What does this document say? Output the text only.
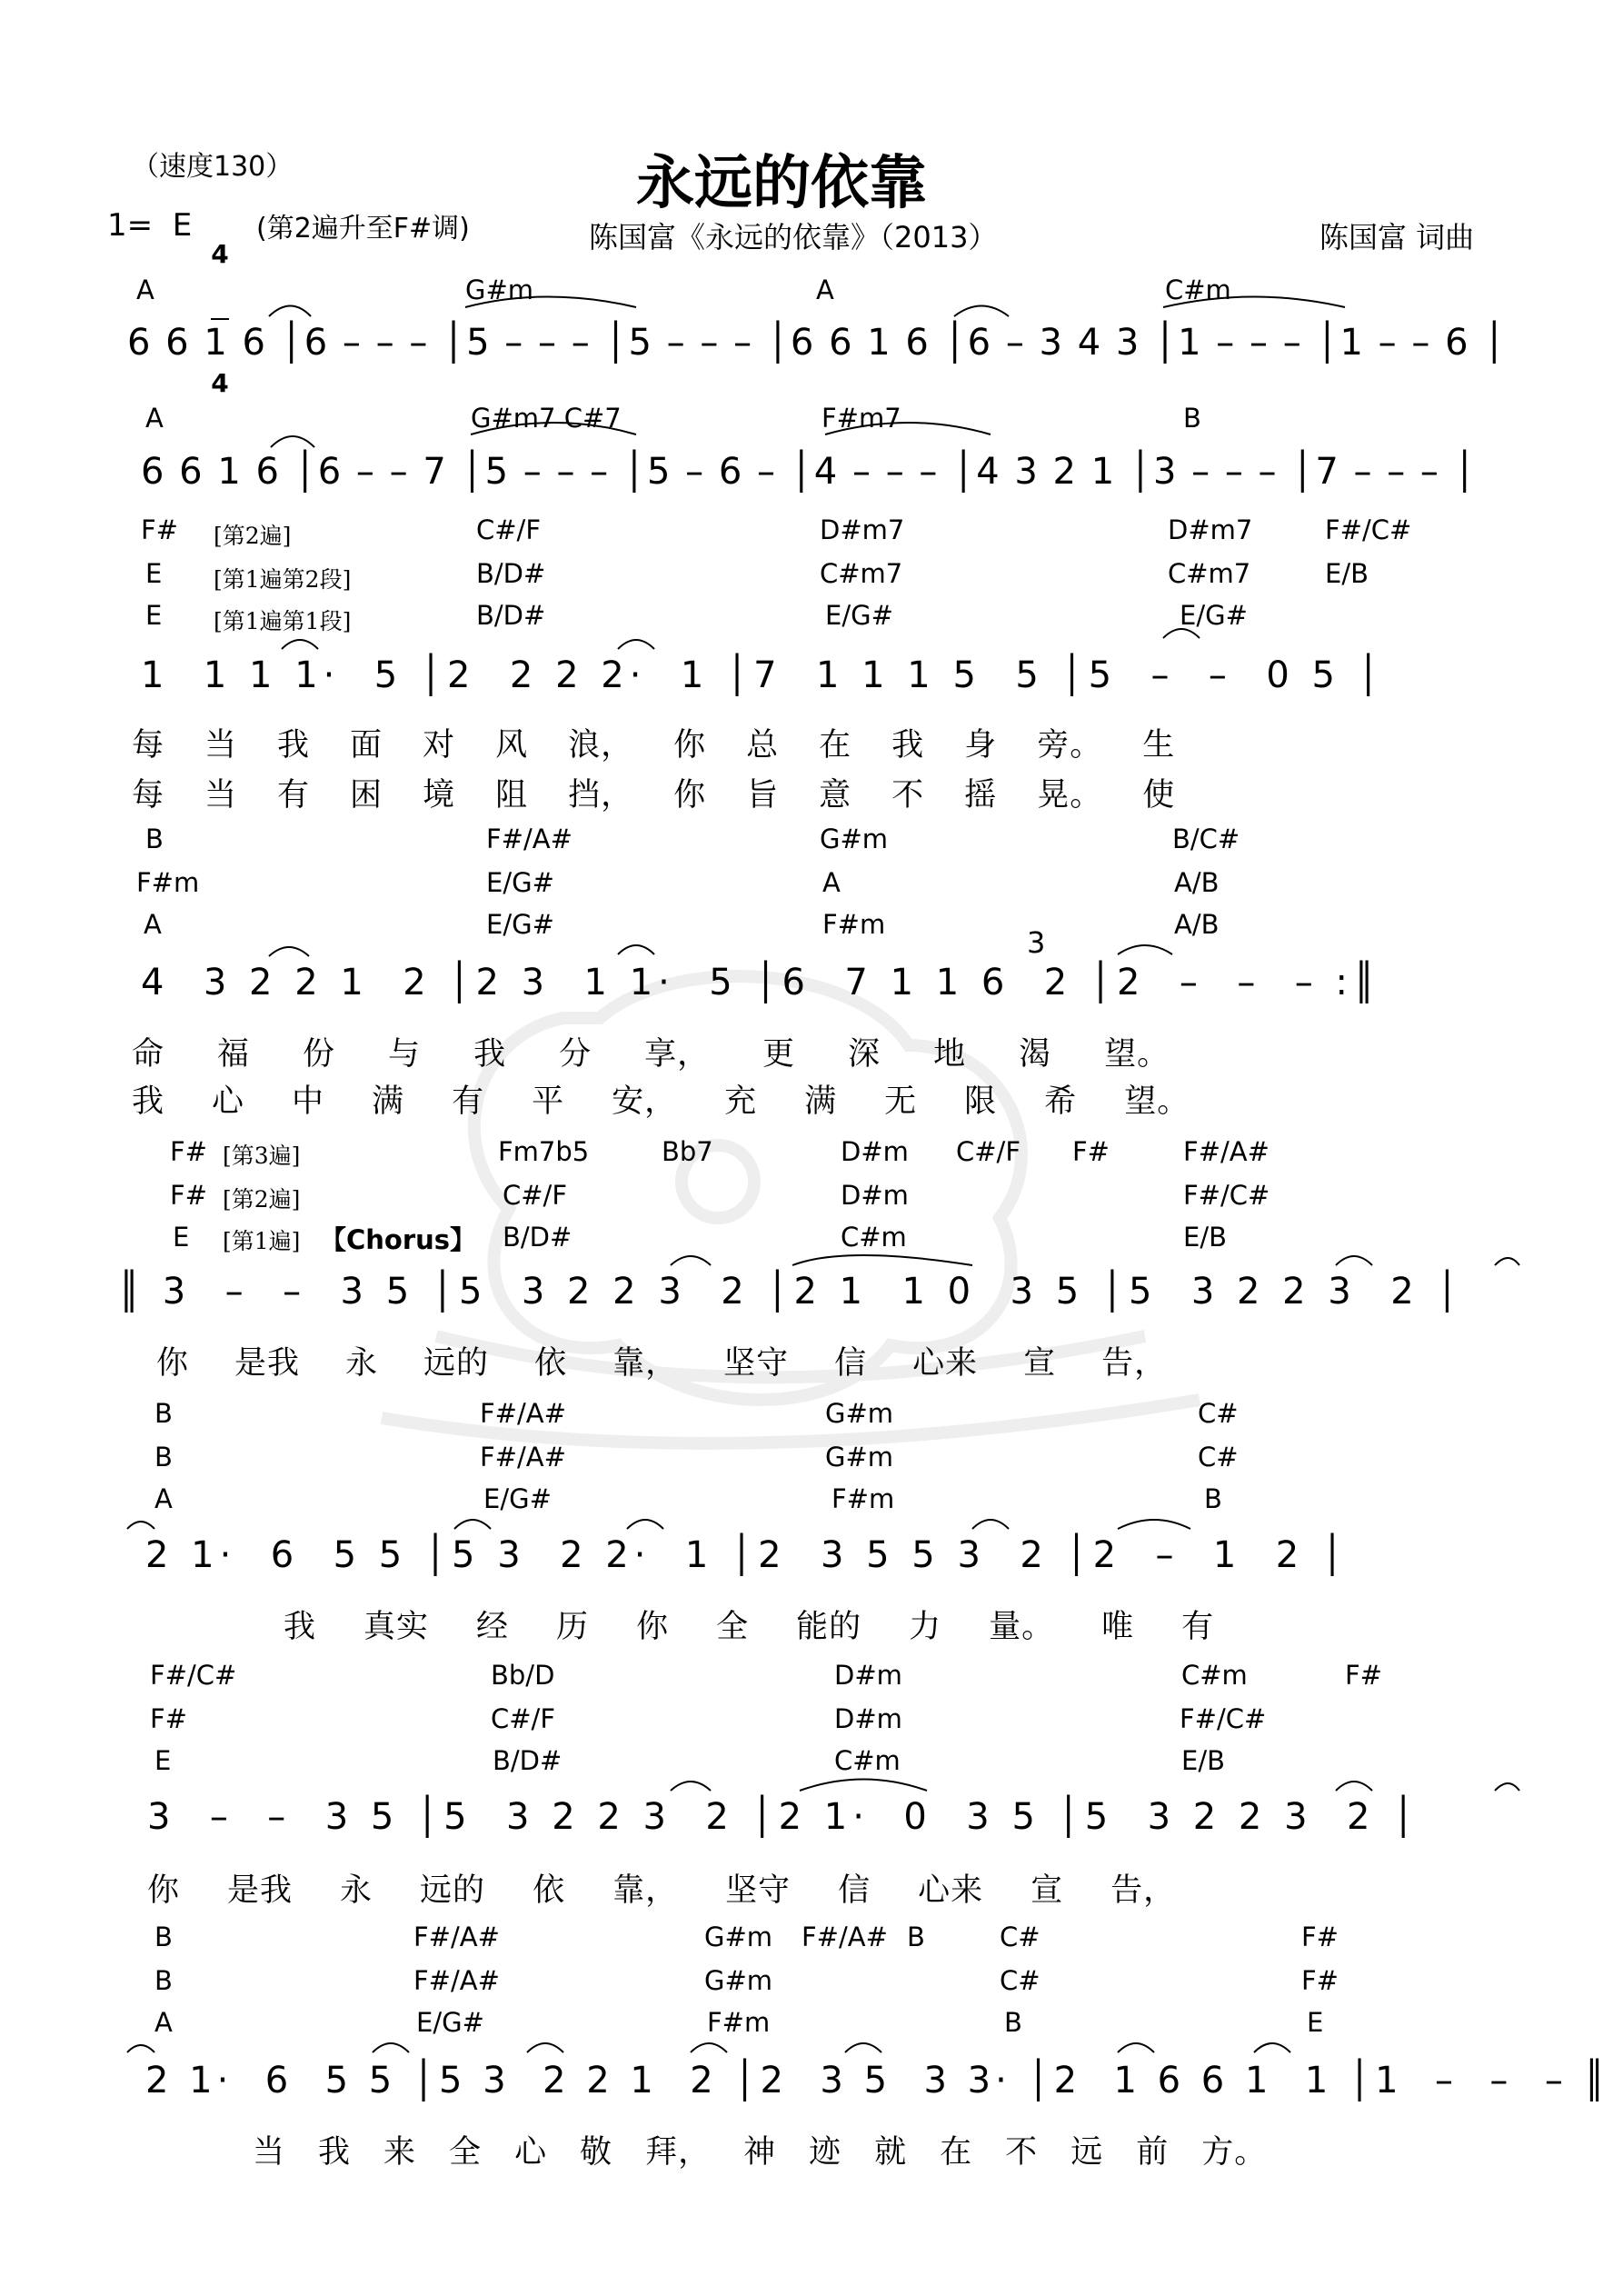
（速度130）	永远的依靠
1=  E

4

4

(第2遍升至F#调)	陈国富《永远的依靠》（2013）	陈国富 词曲
A	G#m	A	C#m
6 6 1 6 │6 – – – │5 – – – │5 – – – │6 6 1 6 │6 – 3 4 3 │1 – – – │1 – – 6 │
A	G#m7 C#7	F#m7	B
6 6 1 6 │6 – – 7 │5 – – – │5 – 6 – │4 – – – │4 3 2 1 │3 – – – │7 – – – │
F# [第2遍]	C#/F	D#m7	D#m7	F#/C#
E [第1遍第2段]	B/D#	C#m7	C#m7	E/B
E [第1遍第1段]	B/D#	E/G#	E/G#
1  1 1 1·  5 │2  2 2 2·  1 │7  1 1 1 5  5 │5  –  –  0 5 │
每 当 我 面 对 风 浪， 你 总 在 我 身 旁。 生
每 当 有 困 境 阻 挡， 你 旨 意 不 摇 晃。 使
B	F#/A#	G#m	B/C#
F#m	E/G#	A	A/B
A	E/G#	F#m	A/B
3
4  3 2 2 1  2 │2 3  1 1·  5 │6  7 1 1 6  2 │2  –  –  – :║
命 福 份 与 我 分 享， 更 深 地 渴 望。
我 心 中 满 有 平 安， 充 满 无 限 希 望。
F# [第3遍]	Fm7b5	Bb7	D#m C#/F F#	F#/A#
F# [第2遍]	C#/F	D#m	F#/C#
E [第1遍] 【Chorus】 B/D#	C#m	E/B
║ 3  –  –  3 5 │5  3 2 2 3  2 │2 1  1 0  3 5 │5  3 2 2 3  2 │
你 是我 永 远的 依 靠， 坚守 信 心来 宣 告，
B	F#/A#	G#m	C#
B	F#/A#	G#m	C#
A	E/G#	F#m	B
2 1·  6  5 5 │5 3  2 2·  1 │2  3 5 5 3  2 │2  –  1  2 │
我 真实 经 历 你 全 能的 力 量。 唯 有
F#/C#	Bb/D	D#m	C#m	F#
F#	C#/F	D#m	F#/C#
E	B/D#	C#m	E/B
3  –  –  3 5 │5  3 2 2 3  2 │2 1·  0  3 5 │5  3 2 2 3  2 │
你 是我 永 远的 依 靠， 坚守 信 心来 宣 告，
B	F#/A#	G#m F#/A# B	C#	F#
B	F#/A#	G#m	C#	F#
A	E/G#	F#m	B	E
2 1·  6  5 5 │5 3  2 2 1  2 │2  3 5  3 3· │2  1 6 6 1  1 │1  –  –  – ║
当 我 来 全 心 敬 拜， 神 迹 就 在 不 远 前 方。
